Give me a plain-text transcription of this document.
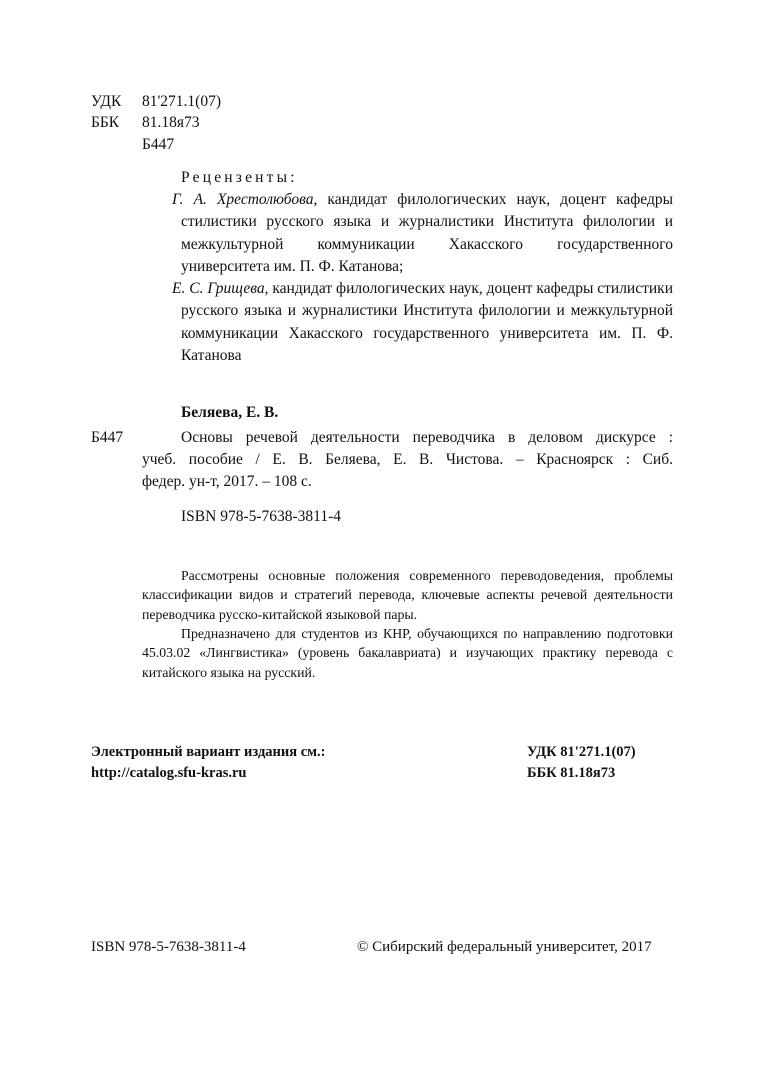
УДК 81'271.1(07)
ББК 81.18я73
Б447
Рецензенты:
Г. А. Хрестолюбова, кандидат филологических наук, доцент кафедры стилистики русского языка и журналистики Института филологии и межкультурной коммуникации Хакасского государственного университета им. П. Ф. Катанова;
Е. С. Грищева, кандидат филологических наук, доцент кафедры стилистики русского языка и журналистики Института филологии и межкультурной коммуникации Хакасского государственного университета им. П. Ф. Катанова
Беляева, Е. В.
Б447	Основы речевой деятельности переводчика в деловом дискурсе :
учеб. пособие / Е. В. Беляева, Е. В. Чистова. – Красноярск : Сиб.
федер. ун-т, 2017. – 108 с.
ISBN 978-5-7638-3811-4
Рассмотрены основные положения современного переводоведения, проблемы классификации видов и стратегий перевода, ключевые аспекты речевой деятельности переводчика русско-китайской языковой пары.
Предназначено для студентов из КНР, обучающихся по направлению подготовки 45.03.02 «Лингвистика» (уровень бакалавриата) и изучающих практику перевода с китайского языка на русский.
Электронный вариант издания см.:
http://catalog.sfu-kras.ru
УДК 81'271.1(07)
ББК 81.18я73
ISBN 978-5-7638-3811-4	© Сибирский федеральный университет, 2017
